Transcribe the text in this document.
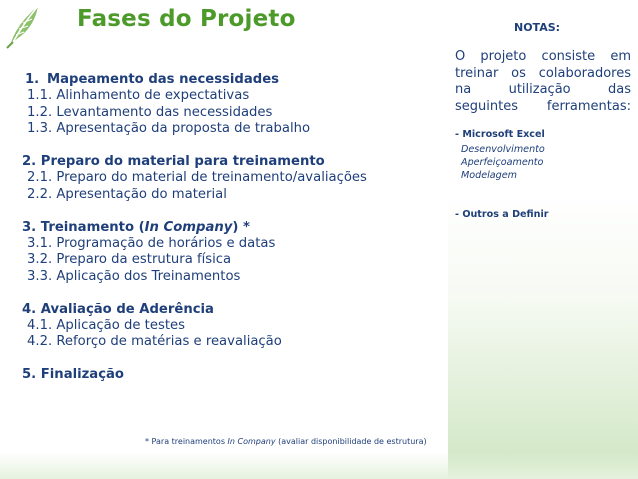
Fases do Projeto
1. Mapeamento das necessidades
1.1. Alinhamento de expectativas
1.2. Levantamento das necessidades
1.3. Apresentação da proposta de trabalho
2. Preparo do material para treinamento
2.1. Preparo do material de treinamento/avaliações
2.2. Apresentação do material
3. Treinamento (In Company) *
3.1. Programação de horários e datas
3.2. Preparo da estrutura física
3.3. Aplicação dos Treinamentos
4. Avaliação de Aderência
4.1. Aplicação de testes
4.2. Reforço de matérias e reavaliação
5. Finalização
* Para treinamentos In Company (avaliar disponibilidade de estrutura)
NOTAS:
O projeto consiste em treinar os colaboradores na utilização das seguintes ferramentas:
- Microsoft Excel
Desenvolvimento
Aperfeiçoamento
Modelagem
- Outros a Definir
